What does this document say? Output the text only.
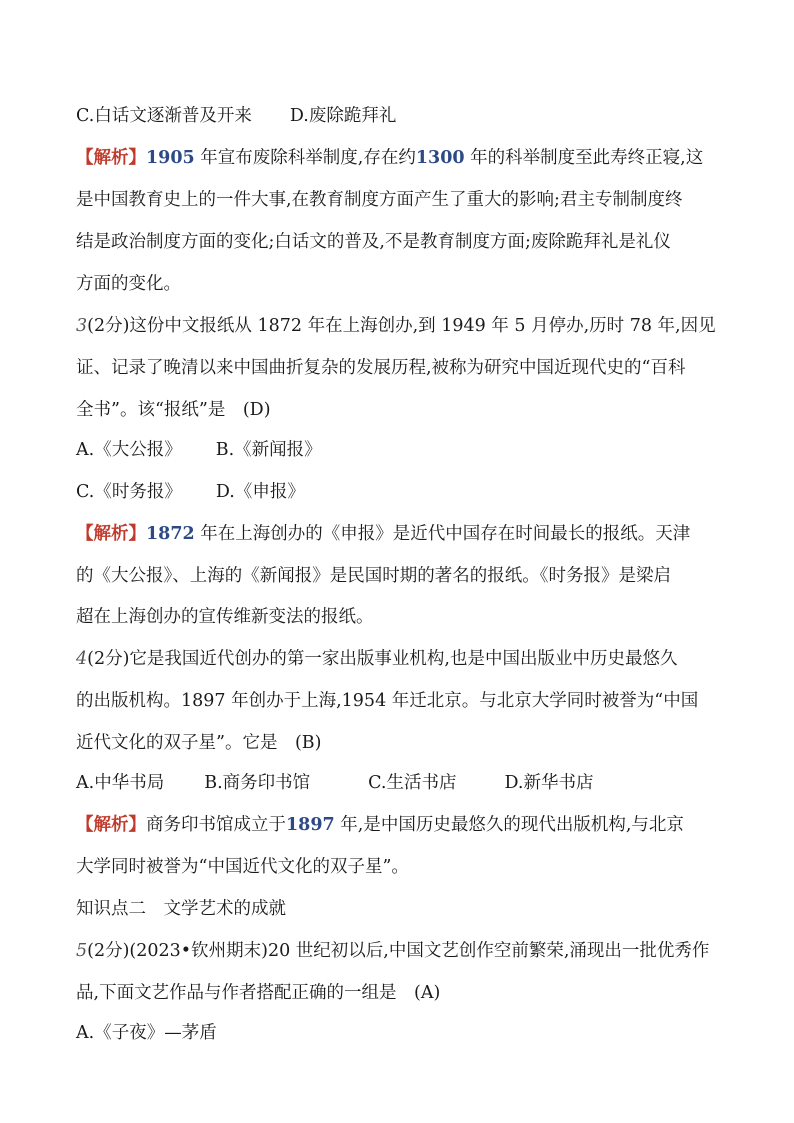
C.白话文逐渐普及开来 D.废除跪拜礼
【解析】1905 年宣布废除科举制度,存在约1300 年的科举制度至此寿终正寝,这
是中国教育史上的一件大事,在教育制度方面产生了重大的影响;君主专制制度终
结是政治制度方面的变化;白话文的普及,不是教育制度方面;废除跪拜礼是礼仪
方面的变化。
3(2分)这份中文报纸从 1872 年在上海创办,到 1949 年 5 月停办,历时 78 年,因见
证、记录了晚清以来中国曲折复杂的发展历程,被称为研究中国近现代史的“百科
全书”。该“报纸”是　(D)
A.《大公报》 B.《新闻报》
C.《时务报》 D.《申报》
【解析】1872 年在上海创办的《申报》是近代中国存在时间最长的报纸。天津
的《大公报》、上海的《新闻报》是民国时期的著名的报纸。《时务报》是梁启
超在上海创办的宣传维新变法的报纸。
4(2分)它是我国近代创办的第一家出版事业机构,也是中国出版业中历史最悠久
的出版机构。1897 年创办于上海,1954 年迁北京。与北京大学同时被誉为“中国
近代文化的双子星”。它是　(B)
A.中华书局 B.商务印书馆	C.生活书店	D.新华书店
【解析】商务印书馆成立于1897 年,是中国历史最悠久的现代出版机构,与北京
大学同时被誉为“中国近代文化的双子星”。
知识点二　文学艺术的成就
5(2分)(2023•钦州期末)20 世纪初以后,中国文艺创作空前繁荣,涌现出一批优秀作
品,下面文艺作品与作者搭配正确的一组是　(A)
A.《子夜》—茅盾
